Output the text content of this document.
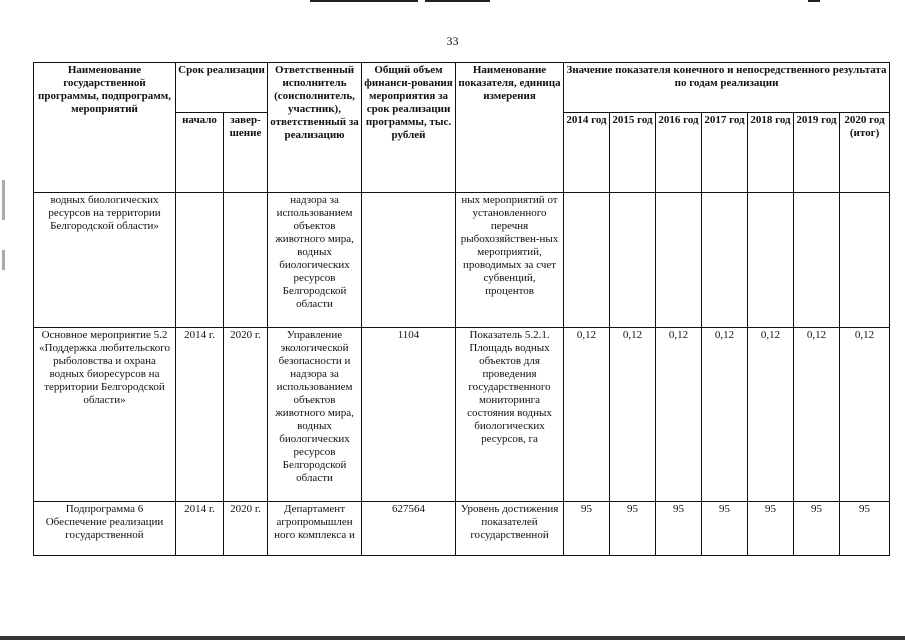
33
Наименование государственной программы, подпрограмм, мероприятий	Срок реализации		Ответственный исполнитель (соисполнитель, участник), ответственный за реализацию	Общий объем финанси-рования мероприятия за срок реализации программы, тыс. рублей	Наименование показателя, единица измерения	Значение показателя конечного и непосредственного результата по годам реализации						
	начало	завер-шение				2014 год	2015 год	2016 год	2017 год	2018 год	2019 год	2020 год (итог)
водных биологических ресурсов на территории Белгородской области»			надзора за использованием объектов животного мира, водных биологических ресурсов Белгородской области		ных мероприятий от установленного перечня рыбохозяйствен-ных мероприятий, проводимых за счет субвенций, процентов							
Основное мероприятие 5.2 «Поддержка любительского рыболовства и охрана водных биоресурсов на территории Белгородской области»	2014 г.	2020 г.	Управление экологической безопасности и надзора за использованием объектов животного мира, водных биологических ресурсов Белгородской области	1104	Показатель 5.2.1. Площадь водных объектов для проведения государственного мониторинга состояния водных биологических ресурсов, га	0,12	0,12	0,12	0,12	0,12	0,12	0,12
Подпрограмма 6 Обеспечение реализации государственной	2014 г.	2020 г.	Департамент агропромышлен ного комплекса и	627564	Уровень достижения показателей государственной	95	95	95	95	95	95	95
